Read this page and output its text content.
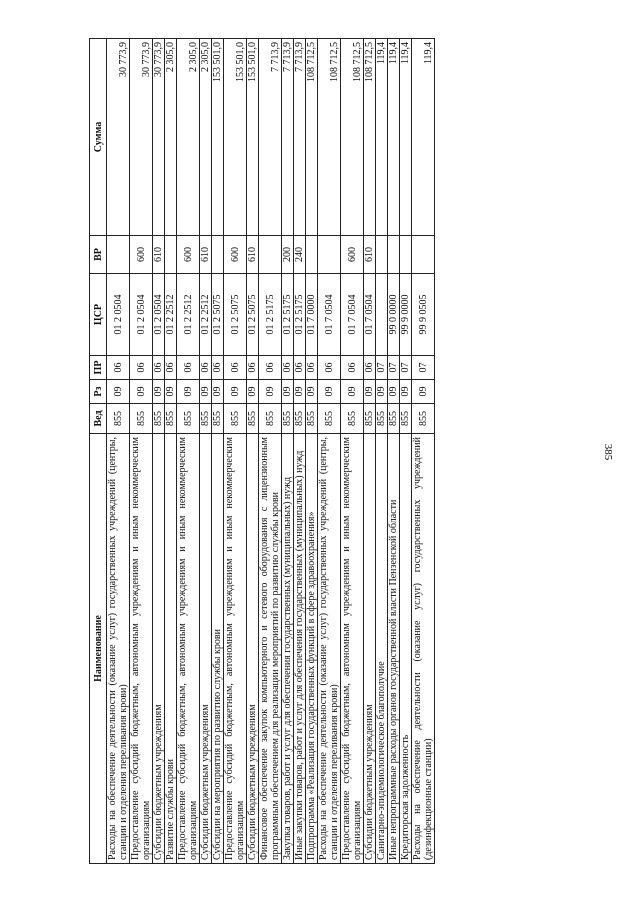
385
Наименование	Вед	Рз	ПР	ЦСР	ВР	Сумма
Расходы на обеспечение деятельности (оказание услуг) государственных учреждений (центры, станции и отделения переливания крови)	855	09	06	01 2 0504		30 773,9
Предоставление субсидий бюджетным, автономным учреждениям и иным некоммерческим организациям	855	09	06	01 2 0504	600	30 773,9
Субсидии бюджетным учреждениям	855	09	06	01 2 0504	610	30 773,9
Развитие службы крови	855	09	06	01 2 2512		2 305,0
Предоставление субсидий бюджетным, автономным учреждениям и иным некоммерческим организациям	855	09	06	01 2 2512	600	2 305,0
Субсидии бюджетным учреждениям	855	09	06	01 2 2512	610	2 305,0
Субсидии на мероприятия по развитию службы крови	855	09	06	01 2 5075		153 501,0
Предоставление субсидий бюджетным, автономным учреждениям и иным некоммерческим организациям	855	09	06	01 2 5075	600	153 501,0
Субсидии бюджетным учреждениям	855	09	06	01 2 5075	610	153 501,0
Финансовое обеспечение закупок компьютерного и сетевого оборудования с лицензионным программным обеспечением для реализации мероприятий по развитию службы крови	855	09	06	01 2 5175		7 713,9
Закупка товаров, работ и услуг для обеспечения государственных (муниципальных) нужд	855	09	06	01 2 5175	200	7 713,9
Иные закупки товаров, работ и услуг для обеспечения государственных (муниципальных) нужд	855	09	06	01 2 5175	240	7 713,9
Подпрограмма «Реализация государственных функций в сфере здравоохранения»	855	09	06	01 7 0000		108 712,5
Расходы на обеспечение деятельности (оказание услуг) государственных учреждений (центры, станции и отделения переливания крови)	855	09	06	01 7 0504		108 712,5
Предоставление субсидий бюджетным, автономным учреждениям и иным некоммерческим организациям	855	09	06	01 7 0504	600	108 712,5
Субсидии бюджетным учреждениям	855	09	06	01 7 0504	610	108 712,5
Санитарно-эпидемиологическое благополучие	855	09	07			119,4
Иные непрограммные расходы органов государственной власти Пензенской области	855	09	07	99 0 0000		119,4
Кредиторская задолженность	855	09	07	99 9 0000		119,4
Расходы на обеспечение деятельности (оказание услуг) государственных учреждений (дезинфекционные станции)	855	09	07	99 9 0505		119,4
